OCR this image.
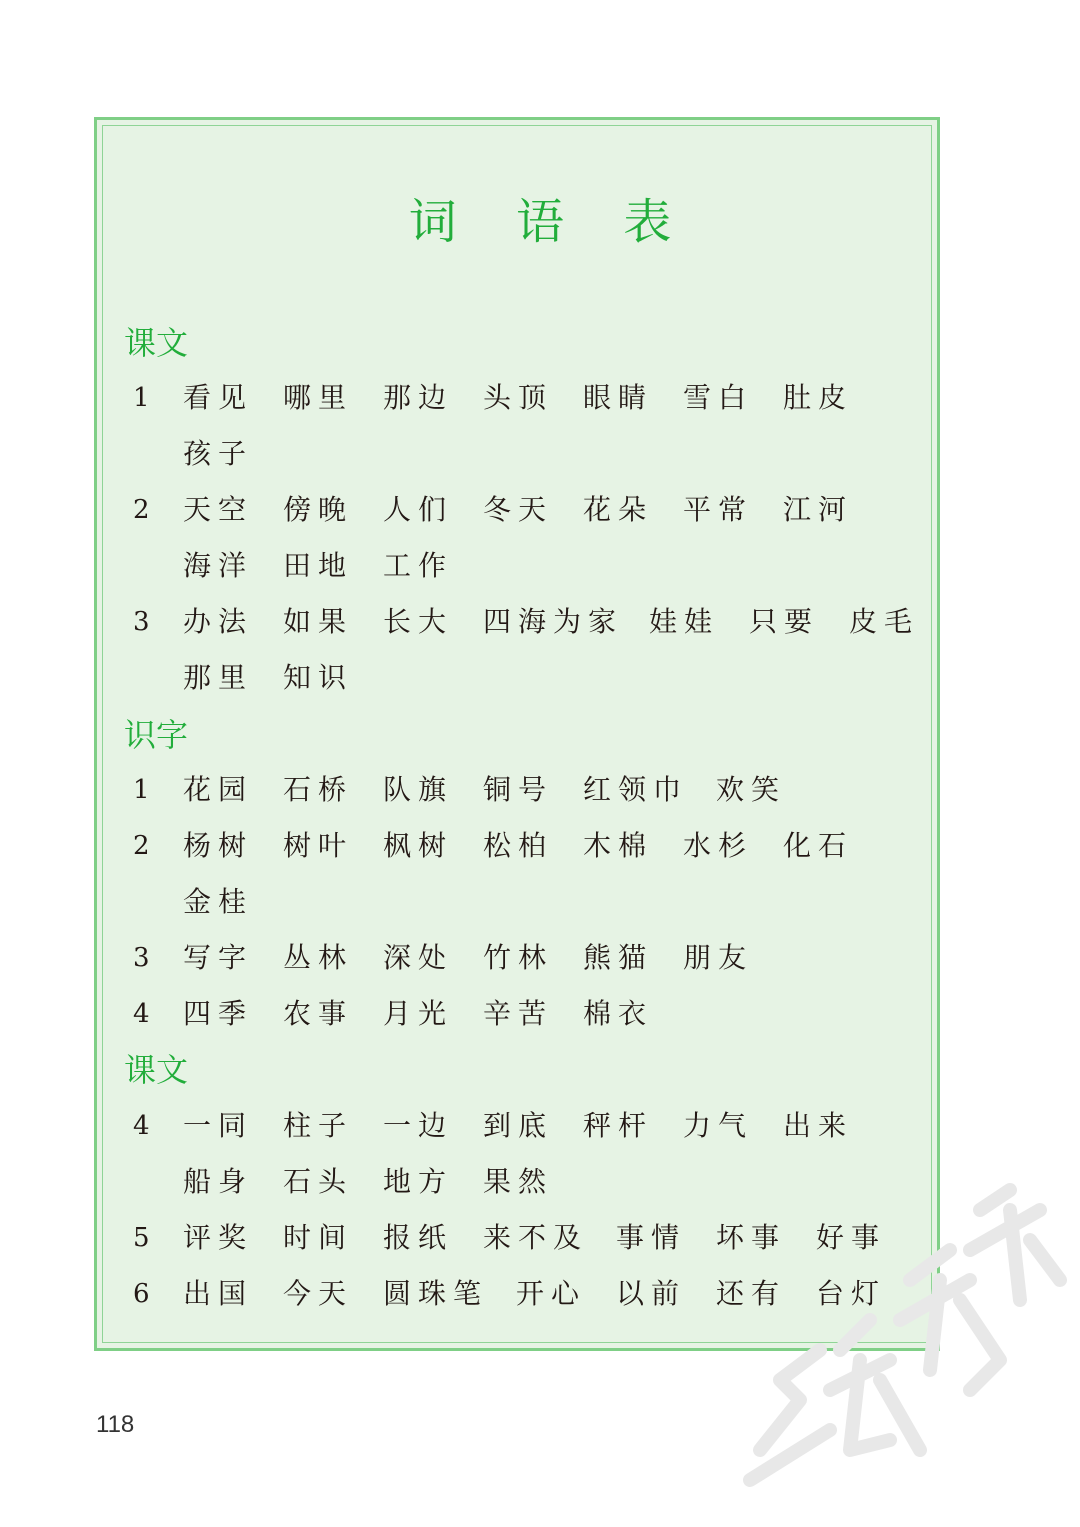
词 语 表
课文
识字
课文
1 看见 哪里 那边 头顶 眼睛 雪白 肚皮
孩子
2 天空 傍晚 人们 冬天 花朵 平常 江河
海洋 田地 工作
3 办法 如果 长大 四海为家 娃娃 只要 皮毛
那里 知识
1 花园 石桥 队旗 铜号 红领巾 欢笑
2 杨树 树叶 枫树 松柏 木棉 水杉 化石
金桂
3 写字 丛林 深处 竹林 熊猫 朋友
4 四季 农事 月光 辛苦 棉衣
4 一同 柱子 一边 到底 秤杆 力气 出来
船身 石头 地方 果然
5 评奖 时间 报纸 来不及 事情 坏事 好事
6 出国 今天 圆珠笔 开心 以前 还有 台灯
118
